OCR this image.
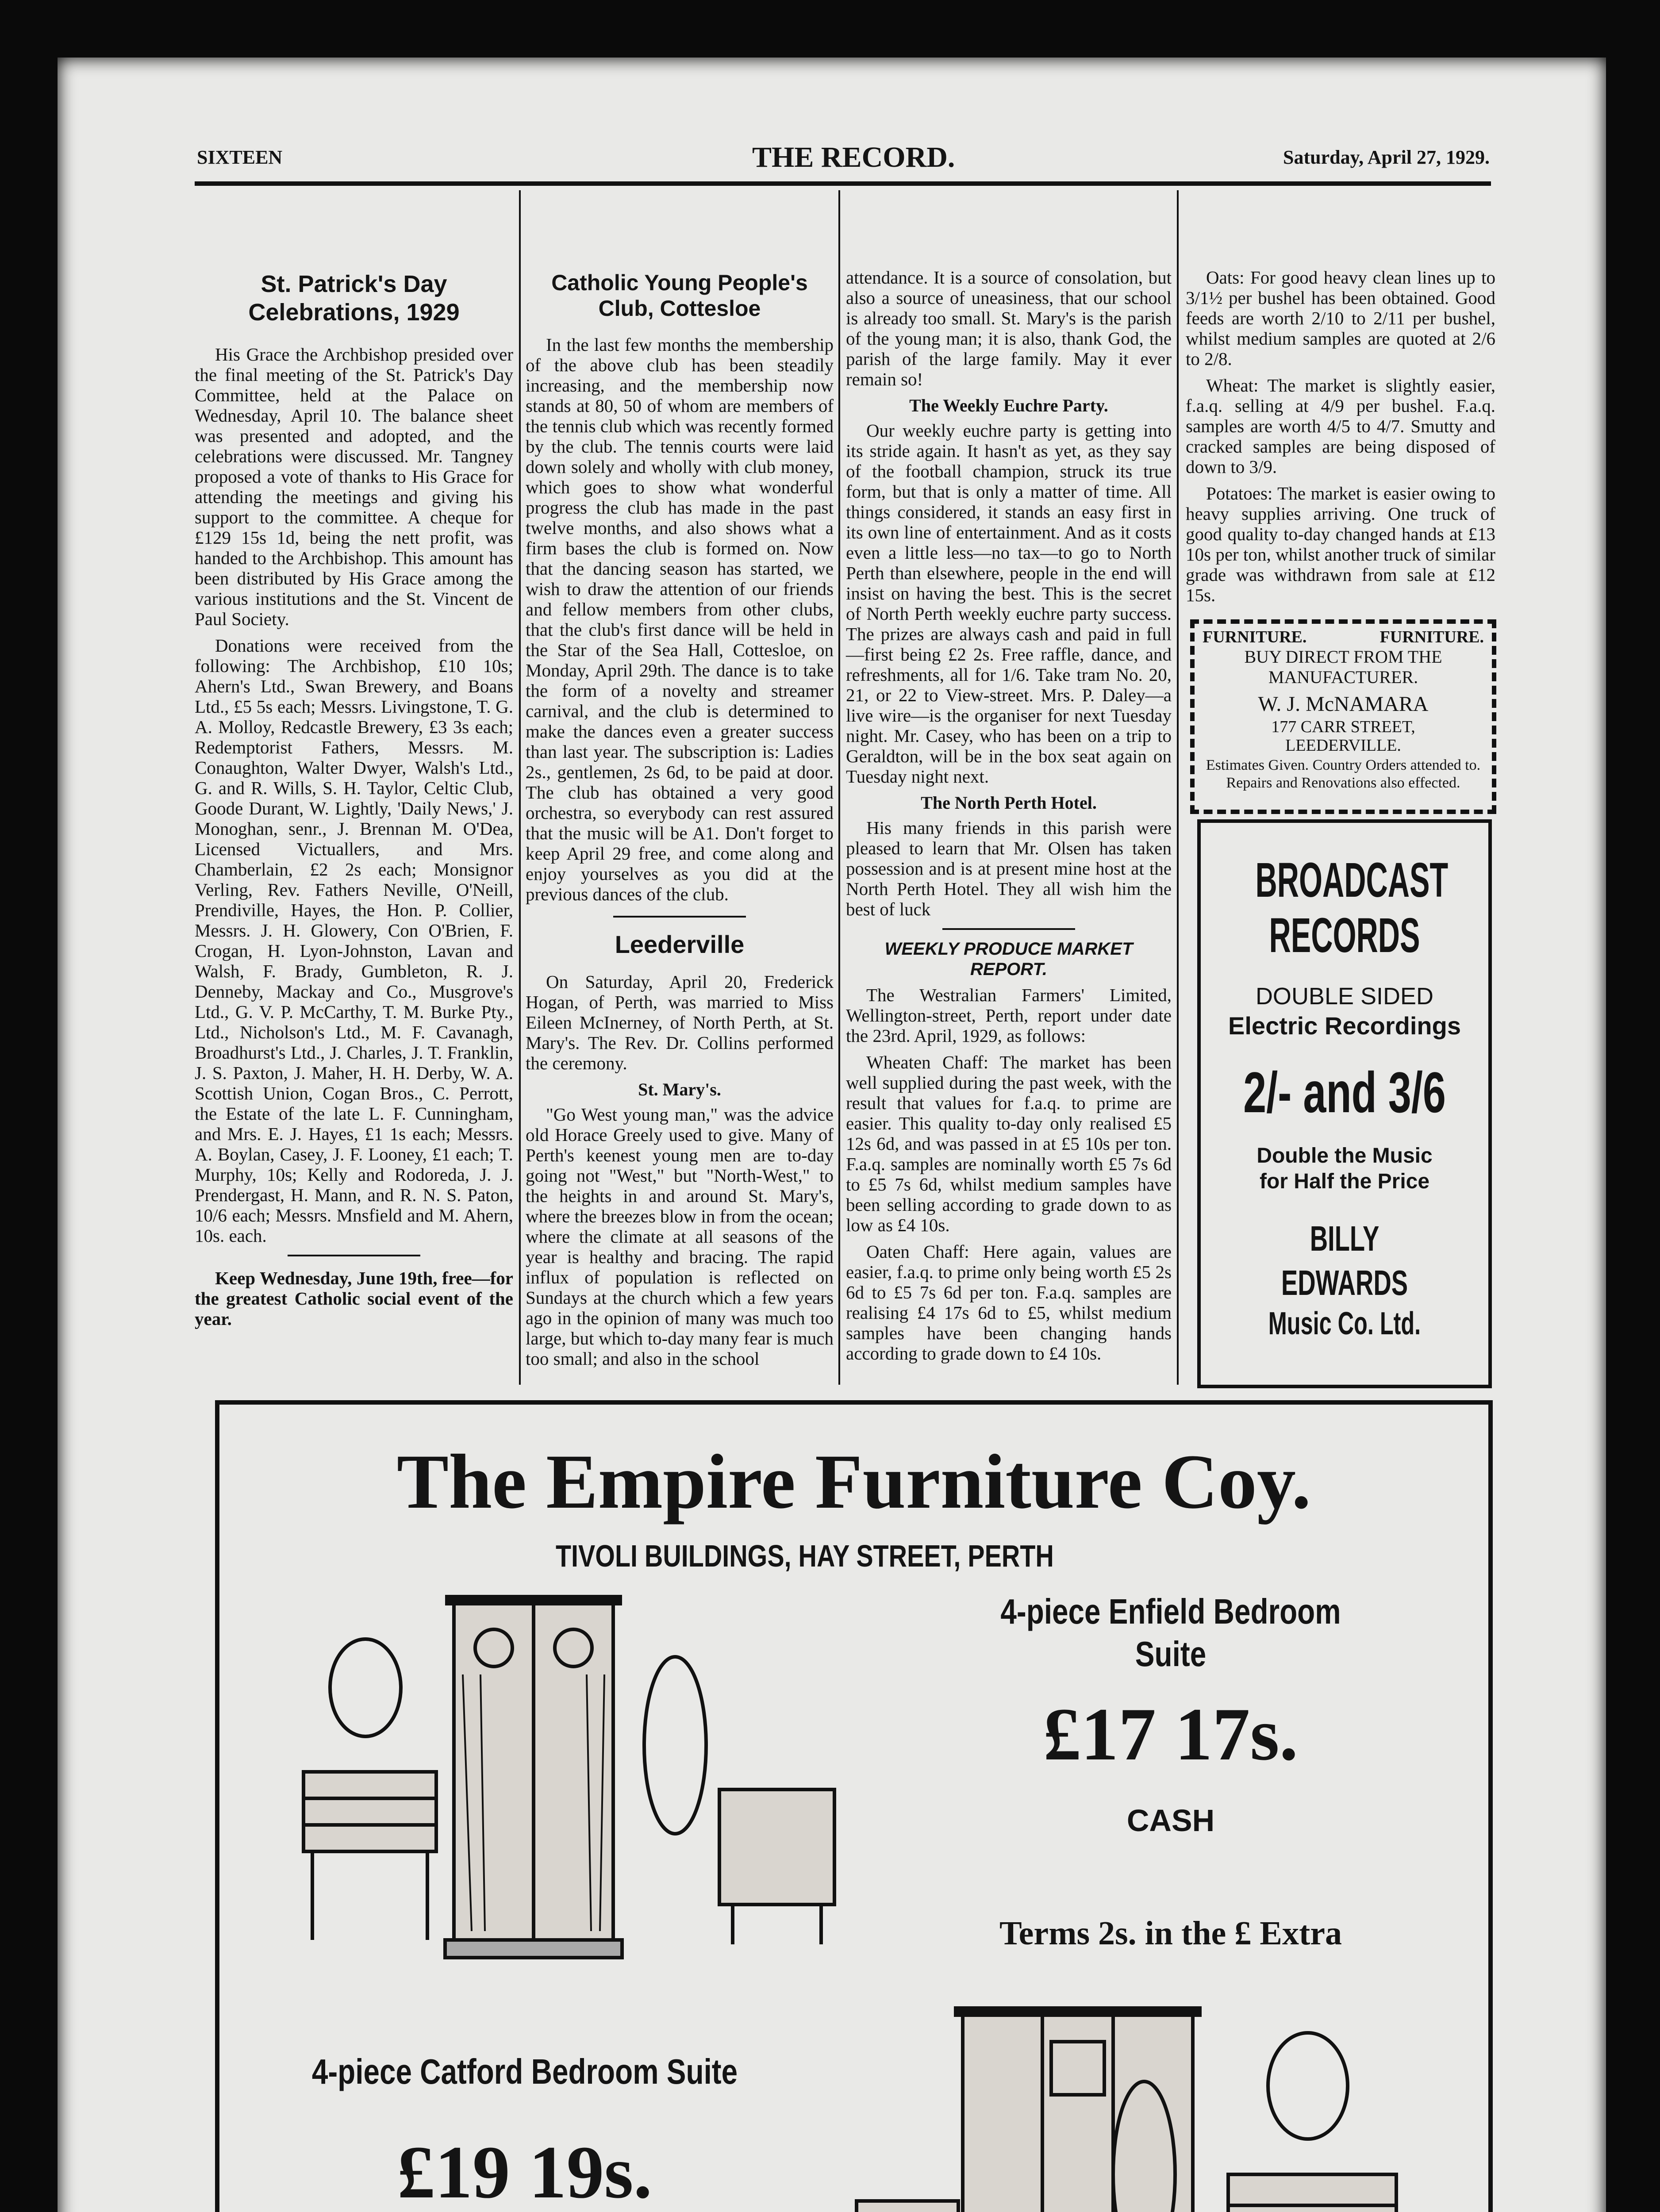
SIXTEEN	THE RECORD.	Saturday, April 27, 1929.
St. Patrick's Day Celebrations, 1929

His Grace the Archbishop presided over the final meeting of the St. Patrick's Day Committee, held at the Palace on Wednesday, April 10. The balance sheet was presented and adopted, and the celebrations were discussed. Mr. Tangney proposed a vote of thanks to His Grace for attending the meetings and giving his support to the committee. A cheque for £129 15s 1d, being the nett profit, was handed to the Archbishop. This amount has been distributed by His Grace among the various institutions and the St. Vincent de Paul Society.

Donations were received from the following: The Archbishop, £10 10s; Ahern's Ltd., Swan Brewery, and Boans Ltd., £5 5s each; Messrs. Livingstone, T. G. A. Molloy, Redcastle Brewery, £3 3s each; Redemptorist Fathers, Messrs. M. Conaughton, Walter Dwyer, Walsh's Ltd., G. and R. Wills, S. H. Taylor, Celtic Club, Goode Durant, W. Lightly, 'Daily News,' J. Monoghan, senr., J. Brennan M. O'Dea, Licensed Victuallers, and Mrs. Chamberlain, £2 2s each; Monsignor Verling, Rev. Fathers Neville, O'Neill, Prendiville, Hayes, the Hon. P. Collier, Messrs. J. H. Glowery, Con O'Brien, F. Crogan, H. Lyon-Johnston, Lavan and Walsh, F. Brady, Gumbleton, R. J. Denneby, Mackay and Co., Musgrove's Ltd., G. V. P. McCarthy, T. M. Burke Pty., Ltd., Nicholson's Ltd., M. F. Cavanagh, Broadhurst's Ltd., J. Charles, J. T. Franklin, J. S. Paxton, J. Maher, H. H. Derby, W. A. Scottish Union, Cogan Bros., C. Perrott, the Estate of the late L. F. Cunningham, and Mrs. E. J. Hayes, £1 1s each; Messrs. A. Boylan, Casey, J. F. Looney, £1 each; T. Murphy, 10s; Kelly and Rodoreda, J. J. Prendergast, H. Mann, and R. N. S. Paton, 10/6 each; Messrs. Mnsfield and M. Ahern, 10s. each.

Keep Wednesday, June 19th, free—for the greatest Catholic social event of the year.

Catholic Young People's Club, Cottesloe

In the last few months the membership of the above club has been steadily increasing, and the membership now stands at 80, 50 of whom are members of the tennis club which was recently formed by the club. The tennis courts were laid down solely and wholly with club money, which goes to show what wonderful progress the club has made in the past twelve months, and also shows what a firm bases the club is formed on. Now that the dancing season has started, we wish to draw the attention of our friends and fellow members from other clubs, that the club's first dance will be held in the Star of the Sea Hall, Cottesloe, on Monday, April 29th. The dance is to take the form of a novelty and streamer carnival, and the club is determined to make the dances even a greater success than last year. The subscription is: Ladies 2s., gentlemen, 2s 6d, to be paid at door. The club has obtained a very good orchestra, so everybody can rest assured that the music will be A1. Don't forget to keep April 29 free, and come along and enjoy yourselves as you did at the previous dances of the club.

Leederville

On Saturday, April 20, Frederick Hogan, of Perth, was married to Miss Eileen McInerney, of North Perth, at St. Mary's. The Rev. Dr. Collins performed the ceremony.

St. Mary's.

"Go West young man," was the advice old Horace Greely used to give. Many of Perth's keenest young men are to-day going not "West," but "North-West," to the heights in and around St. Mary's, where the breezes blow in from the ocean; where the climate at all seasons of the year is healthy and bracing. The rapid influx of population is reflected on Sundays at the church which a few years ago in the opinion of many was much too large, but which to-day many fear is much too small; and also in the school

attendance. It is a source of consolation, but also a source of uneasiness, that our school is already too small. St. Mary's is the parish of the young man; it is also, thank God, the parish of the large family. May it ever remain so!

The Weekly Euchre Party.

Our weekly euchre party is getting into its stride again. It hasn't as yet, as they say of the football champion, struck its true form, but that is only a matter of time. All things considered, it stands an easy first in its own line of entertainment. And as it costs even a little less—no tax—to go to North Perth than elsewhere, people in the end will insist on having the best. This is the secret of North Perth weekly euchre party success. The prizes are always cash and paid in full—first being £2 2s. Free raffle, dance, and refreshments, all for 1/6. Take tram No. 20, 21, or 22 to View-street. Mrs. P. Daley—a live wire—is the organiser for next Tuesday night. Mr. Casey, who has been on a trip to Geraldton, will be in the box seat again on Tuesday night next.

The North Perth Hotel.

His many friends in this parish were pleased to learn that Mr. Olsen has taken possession and is at present mine host at the North Perth Hotel. They all wish him the best of luck

WEEKLY PRODUCE MARKET REPORT.

The Westralian Farmers' Limited, Wellington-street, Perth, report under date the 23rd. April, 1929, as follows:

Wheaten Chaff: The market has been well supplied during the past week, with the result that values for f.a.q. to prime are easier. This quality to-day only realised £5 12s 6d, and was passed in at £5 10s per ton. F.a.q. samples are nominally worth £5 7s 6d to £5 7s 6d, whilst medium samples have been selling according to grade down to as low as £4 10s.

Oaten Chaff: Here again, values are easier, f.a.q. to prime only being worth £5 2s 6d to £5 7s 6d per ton. F.a.q. samples are realising £4 17s 6d to £5, whilst medium samples have been changing hands according to grade down to £4 10s.

Oats: For good heavy clean lines up to 3/1½ per bushel has been obtained. Good feeds are worth 2/10 to 2/11 per bushel, whilst medium samples are quoted at 2/6 to 2/8.

Wheat: The market is slightly easier, f.a.q. selling at 4/9 per bushel. F.a.q. samples are worth 4/5 to 4/7. Smutty and cracked samples are being disposed of down to 3/9.

Potatoes: The market is easier owing to heavy supplies arriving. One truck of good quality to-day changed hands at £13 10s per ton, whilst another truck of similar grade was withdrawn from sale at £12 15s.

FURNITURE.	FURNITURE.
BUY DIRECT FROM THE
MANUFACTURER.
W. J. McNAMARA
177 CARR STREET,
LEEDERVILLE.
Estimates Given. Country Orders attended to. Repairs and Renovations also effected.
BROADCAST
RECORDS
DOUBLE SIDED
Electric Recordings
2/- and 3/6
Double the Music
for Half the Price
BILLY EDWARDS
Music Co. Ltd.
The Empire Furniture Coy.
TIVOLI BUILDINGS, HAY STREET, PERTH
4-piece Enfield Bedroom Suite
£17 17s.
CASH
Terms 2s. in the £ Extra
4-piece Catford Bedroom Suite
£19 19s.
